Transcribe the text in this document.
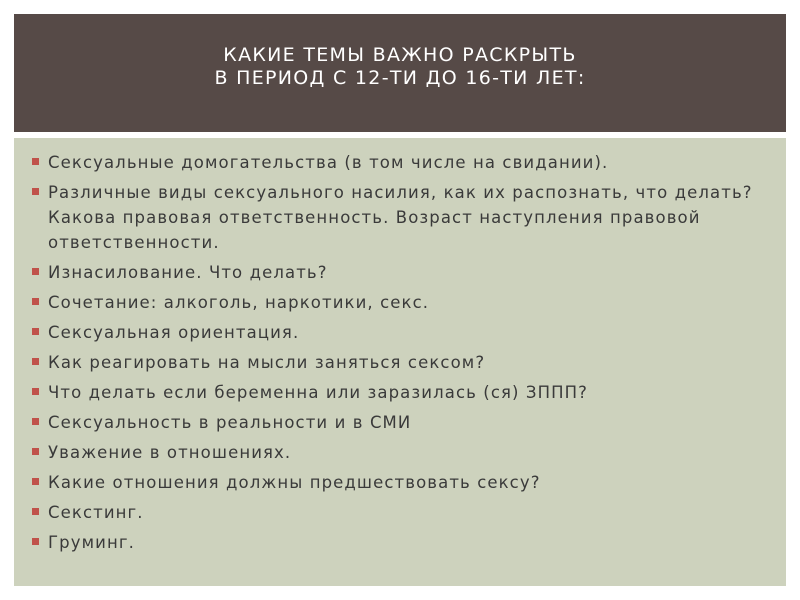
КАКИЕ ТЕМЫ ВАЖНО РАСКРЫТЬ
В ПЕРИОД С 12-ТИ ДО 16-ТИ ЛЕТ:
Сексуальные домогательства (в том числе на свидании).
Различные виды сексуального насилия, как их распознать, что делать? Какова правовая ответственность. Возраст наступления правовой ответственности.
Изнасилование. Что делать?
Сочетание: алкоголь, наркотики, секс.
Сексуальная ориентация.
Как реагировать на мысли заняться сексом?
Что делать если беременна или заразилась (ся) ЗППП?
Сексуальность в реальности и в СМИ
Уважение в отношениях.
Какие отношения должны предшествовать сексу?
Секстинг.
Груминг.
